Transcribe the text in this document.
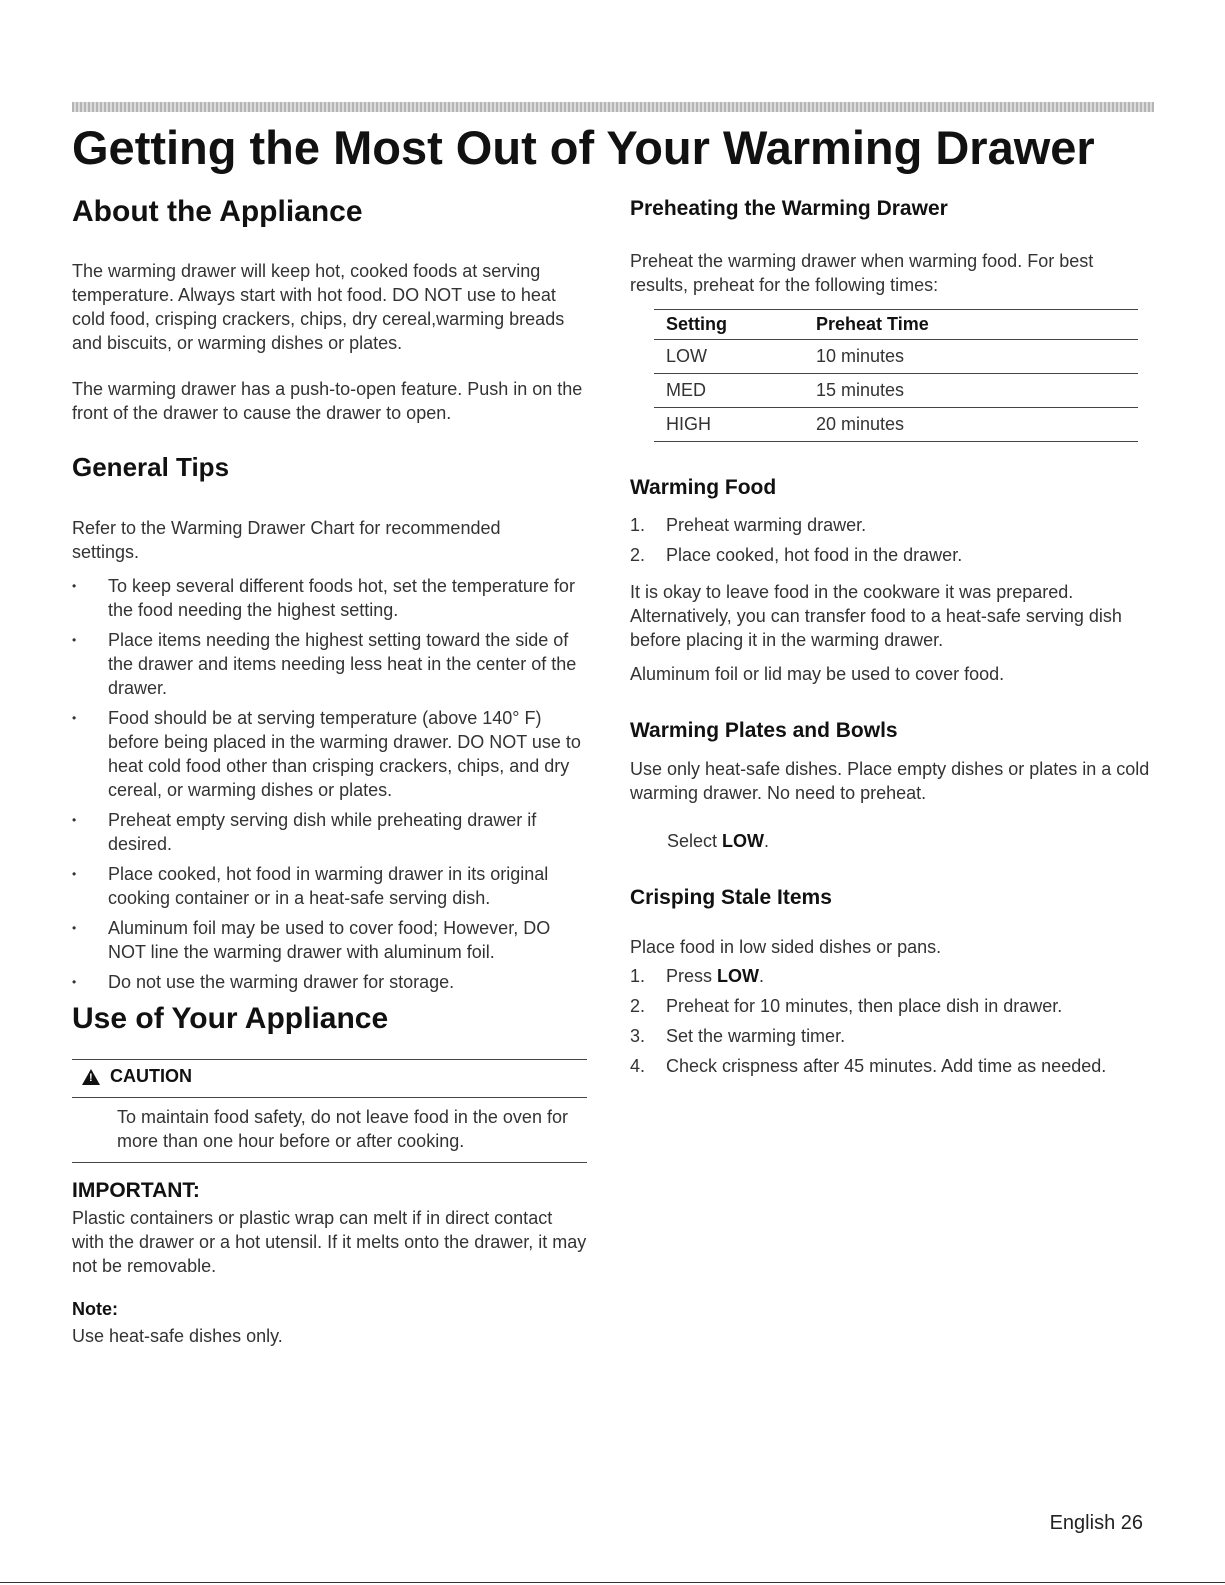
Getting the Most Out of Your Warming Drawer
About the Appliance

The warming drawer will keep hot, cooked foods at serving temperature. Always start with hot food. DO NOT use to heat cold food, crisping crackers, chips, dry cereal,warming breads and biscuits, or warming dishes or plates.

The warming drawer has a push-to-open feature. Push in on the front of the drawer to cause the drawer to open.

General Tips

Refer to the Warming Drawer Chart for recommended settings.

• To keep several different foods hot, set the temperature for the food needing the highest setting.
• Place items needing the highest setting toward the side of the drawer and items needing less heat in the center of the drawer.
• Food should be at serving temperature (above 140° F) before being placed in the warming drawer. DO NOT use to heat cold food other than crisping crackers, chips, and dry cereal, or warming dishes or plates.
• Preheat empty serving dish while preheating drawer if desired.
• Place cooked, hot food in warming drawer in its original cooking container or in a heat-safe serving dish.
• Aluminum foil may be used to cover food; However, DO NOT line the warming drawer with aluminum foil.
• Do not use the warming drawer for storage.
Use of Your Appliance
!
CAUTION

To maintain food safety, do not leave food in the oven for more than one hour before or after cooking.

IMPORTANT:

Plastic containers or plastic wrap can melt if in direct contact with the drawer or a hot utensil. If it melts onto the drawer, it may not be removable.

Note:

Use heat-safe dishes only.

Preheating the Warming Drawer

Preheat the warming drawer when warming food. For best results, preheat for the following times:

Setting	Preheat Time
LOW	10 minutes
MED	15 minutes
HIGH	20 minutes
Warming Food
1. Preheat warming drawer.
2. Place cooked, hot food in the drawer.

It is okay to leave food in the cookware it was prepared. Alternatively, you can transfer food to a heat-safe serving dish before placing it in the warming drawer.

Aluminum foil or lid may be used to cover food.

Warming Plates and Bowls

Use only heat-safe dishes. Place empty dishes or plates in a cold warming drawer. No need to preheat.

Select LOW.

Crisping Stale Items

Place food in low sided dishes or pans.

1. Press LOW.
2. Preheat for 10 minutes, then place dish in drawer.
3. Set the warming timer.
4. Check crispness after 45 minutes. Add time as needed.
English 26
